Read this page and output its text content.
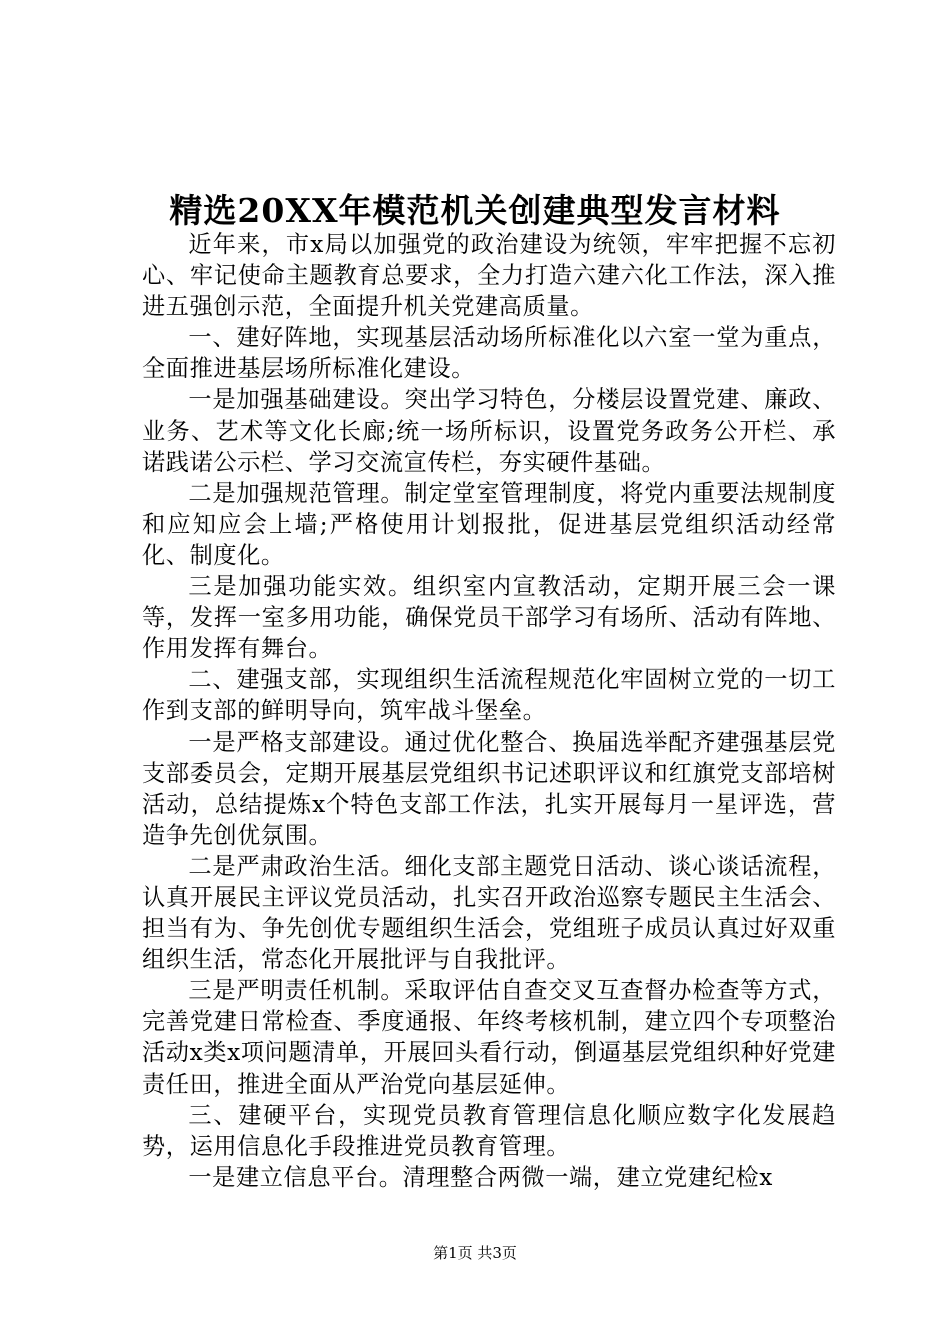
精选20XX年模范机关创建典型发言材料

近年来，市x局以加强党的政治建设为统领，牢牢把握不忘初心、牢记使命主题教育总要求，全力打造六建六化工作法，深入推进五强创示范，全面提升机关党建高质量。

一、建好阵地，实现基层活动场所标准化以六室一堂为重点，全面推进基层场所标准化建设。

一是加强基础建设。突出学习特色，分楼层设置党建、廉政、业务、艺术等文化长廊;统一场所标识，设置党务政务公开栏、承诺践诺公示栏、学习交流宣传栏，夯实硬件基础。

二是加强规范管理。制定堂室管理制度，将党内重要法规制度和应知应会上墙;严格使用计划报批，促进基层党组织活动经常化、制度化。

三是加强功能实效。组织室内宣教活动，定期开展三会一课等，发挥一室多用功能，确保党员干部学习有场所、活动有阵地、作用发挥有舞台。

二、建强支部，实现组织生活流程规范化牢固树立党的一切工作到支部的鲜明导向，筑牢战斗堡垒。

一是严格支部建设。通过优化整合、换届选举配齐建强基层党支部委员会，定期开展基层党组织书记述职评议和红旗党支部培树活动，总结提炼x个特色支部工作法，扎实开展每月一星评选，营造争先创优氛围。

二是严肃政治生活。细化支部主题党日活动、谈心谈话流程，认真开展民主评议党员活动，扎实召开政治巡察专题民主生活会、担当有为、争先创优专题组织生活会，党组班子成员认真过好双重组织生活，常态化开展批评与自我批评。

三是严明责任机制。采取评估自查交叉互查督办检查等方式，完善党建日常检查、季度通报、年终考核机制，建立四个专项整治活动x类x项问题清单，开展回头看行动，倒逼基层党组织种好党建责任田，推进全面从严治党向基层延伸。

三、建硬平台，实现党员教育管理信息化顺应数字化发展趋势，运用信息化手段推进党员教育管理。

一是建立信息平台。清理整合两微一端，建立党建纪检x

第1页 共3页
